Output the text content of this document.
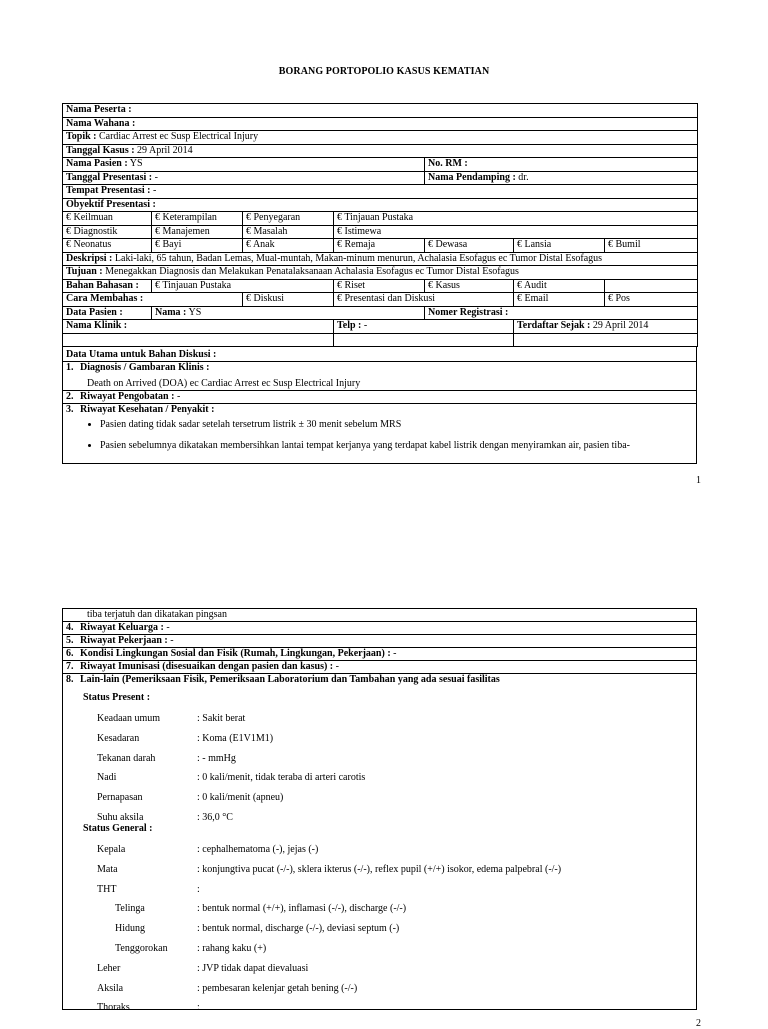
BORANG PORTOPOLIO KASUS KEMATIAN
Nama Peserta :						
Nama Wahana :						
Topik : Cardiac Arrest ec Susp Electrical Injury						
Tanggal Kasus : 29 April 2014						
Nama Pasien : YS				No. RM :		
Tanggal Presentasi : -				Nama Pendamping : dr.		
Tempat Presentasi : -						
Obyektif Presentasi :						
€ Keilmuan	€ Keterampilan	€ Penyegaran	€ Tinjauan Pustaka			
€ Diagnostik	€ Manajemen	€ Masalah	€ Istimewa			
€ Neonatus	€ Bayi	€ Anak	€ Remaja	€ Dewasa	€ Lansia	€ Bumil
Deskripsi : Laki-laki, 65 tahun, Badan Lemas, Mual-muntah, Makan-minum menurun, Achalasia Esofagus ec Tumor Distal Esofagus						
Tujuan : Menegakkan Diagnosis dan Melakukan Penatalaksanaan Achalasia Esofagus ec Tumor Distal Esofagus						
Bahan Bahasan :	€ Tinjauan Pustaka		€ Riset	€ Kasus	€ Audit	
Cara Membahas :		€ Diskusi	€ Presentasi dan Diskusi		€ Email	€ Pos
Data Pasien :	Nama : YS			Nomer Registrasi :		
Nama Klinik :			Telp : -		Terdaftar Sejak : 29 April 2014	

Data Utama untuk Bahan Diskusi :
1. Diagnosis / Gambaran Klinis :
Death on Arrived (DOA) ec Cardiac Arrest ec Susp Electrical Injury
2. Riwayat Pengobatan : -
3. Riwayat Kesehatan / Penyakit :
• Pasien dating tidak sadar setelah tersetrum listrik ± 30 menit sebelum MRS
• Pasien sebelumnya dikatakan membersihkan lantai tempat kerjanya yang terdapat kabel listrik dengan menyiramkan air, pasien tiba-
1
tiba terjatuh dan dikatakan pingsan
4. Riwayat Keluarga : -
5. Riwayat Pekerjaan : -
6. Kondisi Lingkungan Sosial dan Fisik (Rumah, Lingkungan, Pekerjaan) : -
7. Riwayat Imunisasi (disesuaikan dengan pasien dan kasus) : -
8. Lain-lain (Pemeriksaan Fisik, Pemeriksaan Laboratorium dan Tambahan yang ada sesuai fasilitas
Status Present :
Keadaan umum	: Sakit berat
Kesadaran	: Koma (E1V1M1)
Tekanan darah	: - mmHg
Nadi	: 0 kali/menit, tidak teraba di arteri carotis
Pernapasan	: 0 kali/menit (apneu)
Suhu aksila	: 36,0 °C
Status General :
Kepala	: cephalhematoma (-), jejas (-)
Mata	: konjungtiva pucat (-/-), sklera ikterus (-/-), reflex pupil (+/+) isokor, edema palpebral (-/-)
THT	:
Telinga	: bentuk normal (+/+), inflamasi (-/-), discharge (-/-)
Hidung	: bentuk normal, discharge (-/-), deviasi septum (-)
Tenggorokan	: rahang kaku (+)
Leher	: JVP tidak dapat dievaluasi
Aksila	: pembesaran kelenjar getah bening (-/-)
Thoraks	:
2
